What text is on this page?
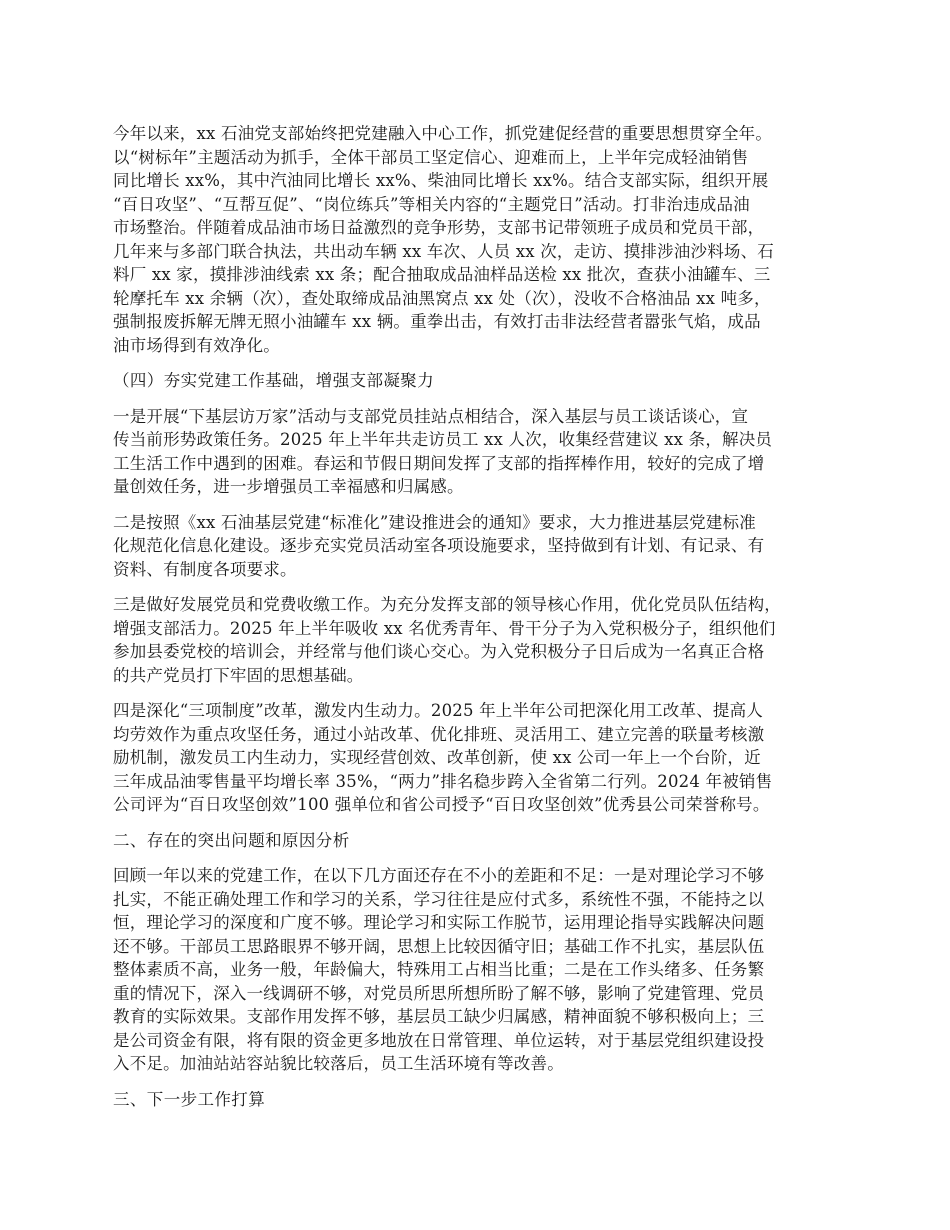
今年以来，xx 石油党支部始终把党建融入中心工作，抓党建促经营的重要思想贯穿全年。
以“树标年”主题活动为抓手，全体干部员工坚定信心、迎难而上，上半年完成轻油销售
同比增长 xx%，其中汽油同比增长 xx%、柴油同比增长 xx%。结合支部实际，组织开展
“百日攻坚”、“互帮互促”、“岗位练兵”等相关内容的“主题党日”活动。打非治违成品油
市场整治。伴随着成品油市场日益激烈的竞争形势，支部书记带领班子成员和党员干部，
几年来与多部门联合执法，共出动车辆 xx 车次、人员 xx 次，走访、摸排涉油沙料场、石
料厂 xx 家，摸排涉油线索 xx 条；配合抽取成品油样品送检 xx 批次，查获小油罐车、三
轮摩托车 xx 余辆（次），查处取缔成品油黑窝点 xx 处（次），没收不合格油品 xx 吨多，
强制报废拆解无牌无照小油罐车 xx 辆。重拳出击，有效打击非法经营者嚣张气焰，成品
油市场得到有效净化。

（四）夯实党建工作基础，增强支部凝聚力

一是开展“下基层访万家”活动与支部党员挂站点相结合，深入基层与员工谈话谈心，宣
传当前形势政策任务。2025 年上半年共走访员工 xx 人次，收集经营建议 xx 条，解决员
工生活工作中遇到的困难。春运和节假日期间发挥了支部的指挥棒作用，较好的完成了增
量创效任务，进一步增强员工幸福感和归属感。

二是按照《xx 石油基层党建“标准化”建设推进会的通知》要求，大力推进基层党建标准
化规范化信息化建设。逐步充实党员活动室各项设施要求，坚持做到有计划、有记录、有
资料、有制度各项要求。

三是做好发展党员和党费收缴工作。为充分发挥支部的领导核心作用，优化党员队伍结构，
增强支部活力。2025 年上半年吸收 xx 名优秀青年、骨干分子为入党积极分子，组织他们
参加县委党校的培训会，并经常与他们谈心交心。为入党积极分子日后成为一名真正合格
的共产党员打下牢固的思想基础。

四是深化“三项制度”改革，激发内生动力。2025 年上半年公司把深化用工改革、提高人
均劳效作为重点攻坚任务，通过小站改革、优化排班、灵活用工、建立完善的联量考核激
励机制，激发员工内生动力，实现经营创效、改革创新，使 xx 公司一年上一个台阶，近
三年成品油零售量平均增长率 35%，“两力”排名稳步跨入全省第二行列。2024 年被销售
公司评为“百日攻坚创效”100 强单位和省公司授予“百日攻坚创效”优秀县公司荣誉称号。

二、存在的突出问题和原因分析

回顾一年以来的党建工作，在以下几方面还存在不小的差距和不足：一是对理论学习不够
扎实，不能正确处理工作和学习的关系，学习往往是应付式多，系统性不强，不能持之以
恒，理论学习的深度和广度不够。理论学习和实际工作脱节，运用理论指导实践解决问题
还不够。干部员工思路眼界不够开阔，思想上比较因循守旧；基础工作不扎实，基层队伍
整体素质不高，业务一般，年龄偏大，特殊用工占相当比重；二是在工作头绪多、任务繁
重的情况下，深入一线调研不够，对党员所思所想所盼了解不够，影响了党建管理、党员
教育的实际效果。支部作用发挥不够，基层员工缺少归属感，精神面貌不够积极向上；三
是公司资金有限，将有限的资金更多地放在日常管理、单位运转，对于基层党组织建设投
入不足。加油站站容站貌比较落后，员工生活环境有等改善。

三、下一步工作打算
